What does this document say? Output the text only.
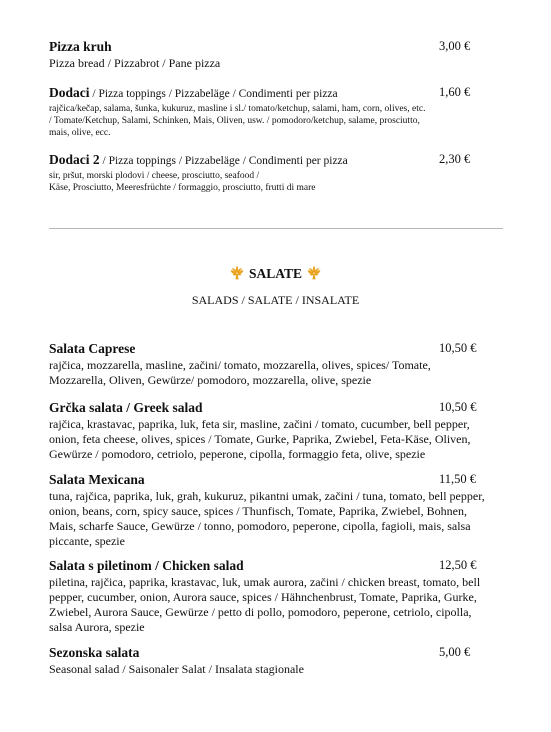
Pizza kruh	3,00 €
Pizza bread / Pizzabrot / Pane pizza
Dodaci / Pizza toppings / Pizzabeläge / Condimenti per pizza	1,60 €
rajčica/kečap, salama, šunka, kukuruz, masline i sl./ tomato/ketchup, salami, ham, corn, olives, etc.
/ Tomate/Ketchup, Salami, Schinken, Mais, Oliven, usw. / pomodoro/ketchup, salame, prosciutto,
mais, olive, ecc.
Dodaci 2 / Pizza toppings / Pizzabeläge / Condimenti per pizza	2,30 €
sir, pršut, morski plodovi / cheese, prosciutto, seafood /
Käse, Prosciutto, Meeresfrüchte / formaggio, prosciutto, frutti di mare
SALATE
SALADS / SALATE / INSALATE
Salata Caprese	10,50 €
rajčica, mozzarella, masline, začini/ tomato, mozzarella, olives, spices/ Tomate,
Mozzarella, Oliven, Gewürze/ pomodoro, mozzarella, olive, spezie
Grčka salata / Greek salad	10,50 €
rajčica, krastavac, paprika, luk, feta sir, masline, začini / tomato, cucumber, bell pepper,
onion, feta cheese, olives, spices / Tomate, Gurke, Paprika, Zwiebel, Feta-Käse, Oliven,
Gewürze / pomodoro, cetriolo, peperone, cipolla, formaggio feta, olive, spezie
Salata Mexicana	11,50 €
tuna, rajčica, paprika, luk, grah, kukuruz, pikantni umak, začini / tuna, tomato, bell pepper,
onion, beans, corn, spicy sauce, spices / Thunfisch, Tomate, Paprika, Zwiebel, Bohnen,
Mais, scharfe Sauce, Gewürze / tonno, pomodoro, peperone, cipolla, fagioli, mais, salsa
piccante, spezie
Salata s piletinom / Chicken salad	12,50 €
piletina, rajčica, paprika, krastavac, luk, umak aurora, začini / chicken breast, tomato, bell
pepper, cucumber, onion, Aurora sauce, spices / Hähnchenbrust, Tomate, Paprika, Gurke,
Zwiebel, Aurora Sauce, Gewürze / petto di pollo, pomodoro, peperone, cetriolo, cipolla,
salsa Aurora, spezie
Sezonska salata	5,00 €
Seasonal salad / Saisonaler Salat / Insalata stagionale
